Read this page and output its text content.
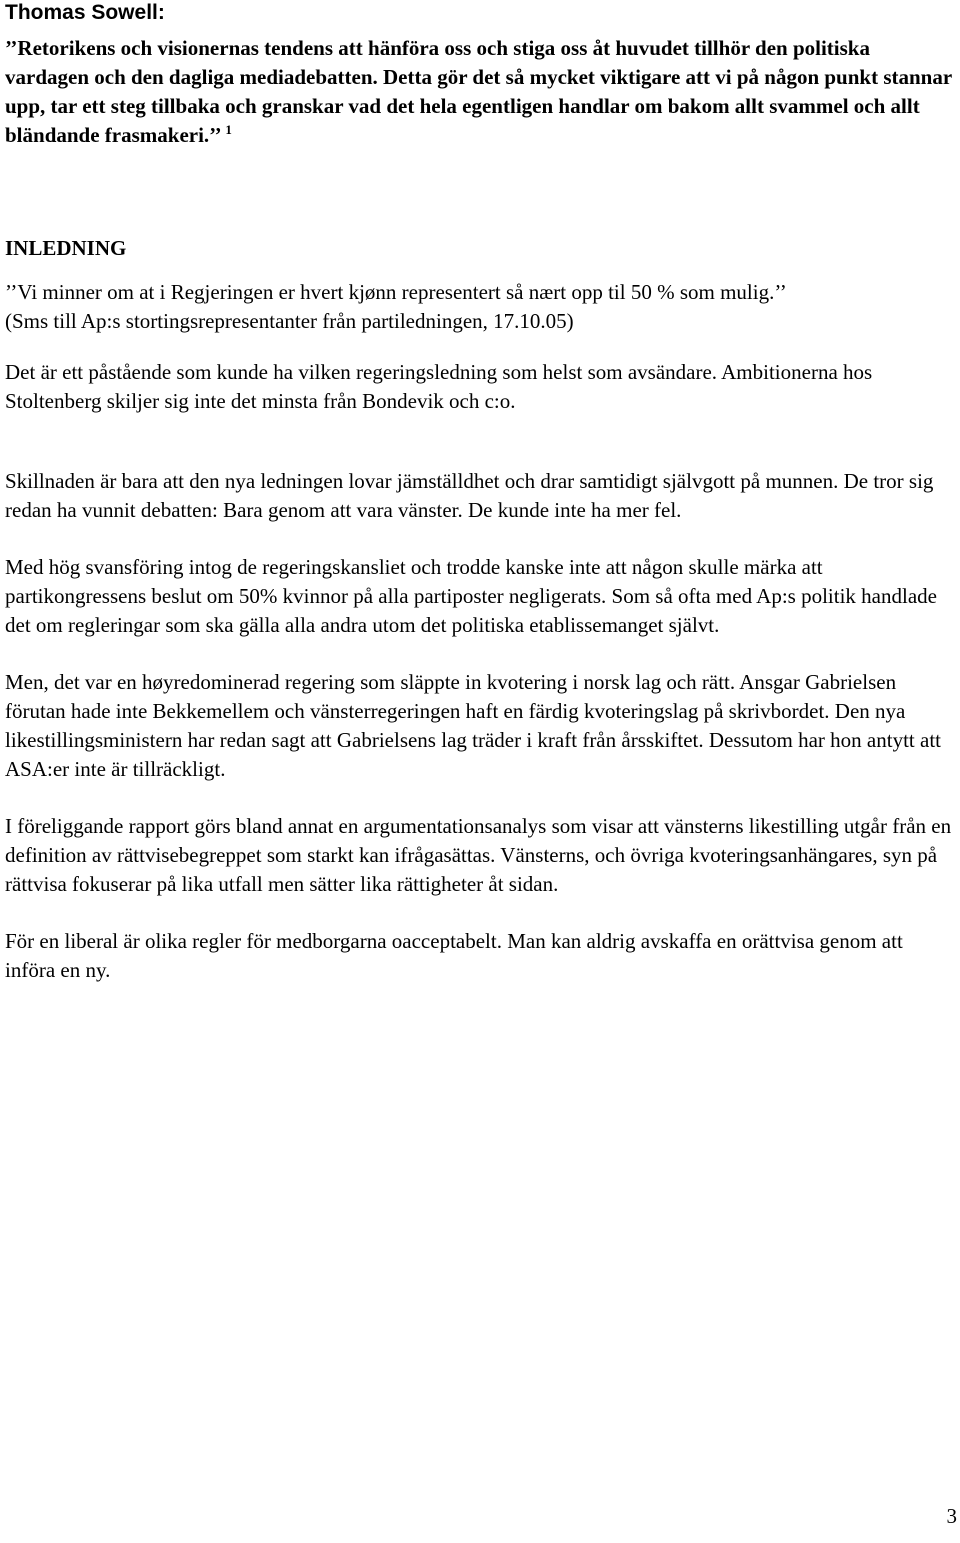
Thomas Sowell:

’’Retorikens och visionernas tendens att hänföra oss och stiga oss åt huvudet tillhör den politiska vardagen och den dagliga mediadebatten. Detta gör det så mycket viktigare att vi på någon punkt stannar upp, tar ett steg tillbaka och granskar vad det hela egentligen handlar om bakom allt svammel och allt bländande frasmakeri.’’ $^1$

INLEDNING

’’Vi minner om at i Regjeringen er hvert kjønn representert så nært opp til 50 % som mulig.’’
(Sms till Ap:s stortingsrepresentanter från partiledningen, 17.10.05)

Det är ett påstående som kunde ha vilken regeringsledning som helst som avsändare. Ambitionerna hos Stoltenberg skiljer sig inte det minsta från Bondevik och c:o.

Skillnaden är bara att den nya ledningen lovar jämställdhet och drar samtidigt självgott på munnen. De tror sig redan ha vunnit debatten: Bara genom att vara vänster. De kunde inte ha mer fel.

Med hög svansföring intog de regeringskansliet och trodde kanske inte att någon skulle märka att partikongressens beslut om 50% kvinnor på alla partiposter negligerats. Som så ofta med Ap:s politik handlade det om regleringar som ska gälla alla andra utom det politiska etablissemanget självt.

Men, det var en høyredominerad regering som släppte in kvotering i norsk lag och rätt. Ansgar Gabrielsen förutan hade inte Bekkemellem och vänsterregeringen haft en färdig kvoteringslag på skrivbordet. Den nya likestillingsministern har redan sagt att Gabrielsens lag träder i kraft från årsskiftet. Dessutom har hon antytt att ASA:er inte är tillräckligt.

I föreliggande rapport görs bland annat en argumentationsanalys som visar att vänsterns likestilling utgår från en definition av rättvisebegreppet som starkt kan ifrågasättas. Vänsterns, och övriga kvoteringsanhängares, syn på rättvisa fokuserar på lika utfall men sätter lika rättigheter åt sidan.

För en liberal är olika regler för medborgarna oacceptabelt. Man kan aldrig avskaffa en orättvisa genom att införa en ny.

3
